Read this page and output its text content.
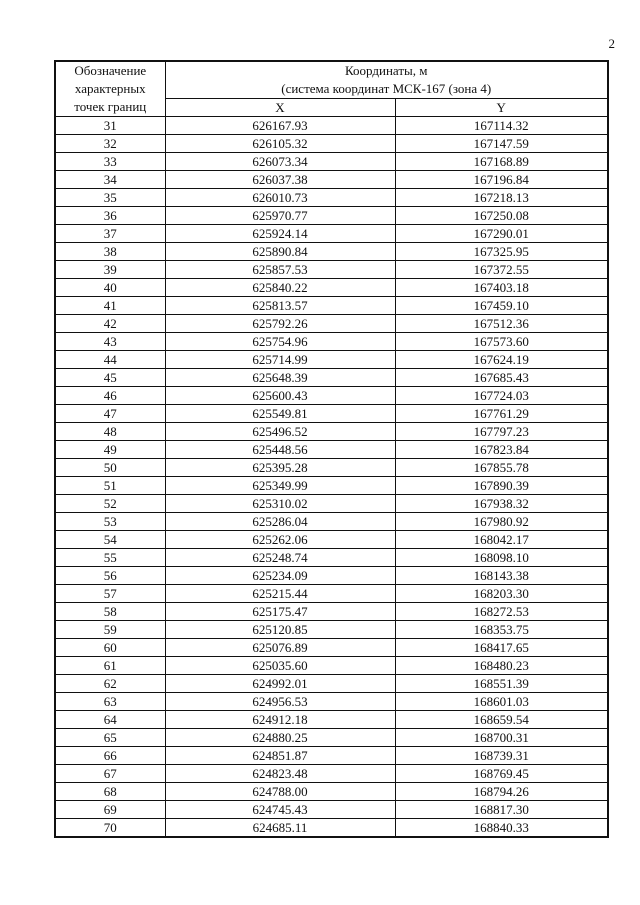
2
Обозначение
характерных
точек границ	Координаты, м
(система координат МСК-167 (зона 4)	

	X	Y
31	626167.93	167114.32
32	626105.32	167147.59
33	626073.34	167168.89
34	626037.38	167196.84
35	626010.73	167218.13
36	625970.77	167250.08
37	625924.14	167290.01
38	625890.84	167325.95
39	625857.53	167372.55
40	625840.22	167403.18
41	625813.57	167459.10
42	625792.26	167512.36
43	625754.96	167573.60
44	625714.99	167624.19
45	625648.39	167685.43
46	625600.43	167724.03
47	625549.81	167761.29
48	625496.52	167797.23
49	625448.56	167823.84
50	625395.28	167855.78
51	625349.99	167890.39
52	625310.02	167938.32
53	625286.04	167980.92
54	625262.06	168042.17
55	625248.74	168098.10
56	625234.09	168143.38
57	625215.44	168203.30
58	625175.47	168272.53
59	625120.85	168353.75
60	625076.89	168417.65
61	625035.60	168480.23
62	624992.01	168551.39
63	624956.53	168601.03
64	624912.18	168659.54
65	624880.25	168700.31
66	624851.87	168739.31
67	624823.48	168769.45
68	624788.00	168794.26
69	624745.43	168817.30
70	624685.11	168840.33
